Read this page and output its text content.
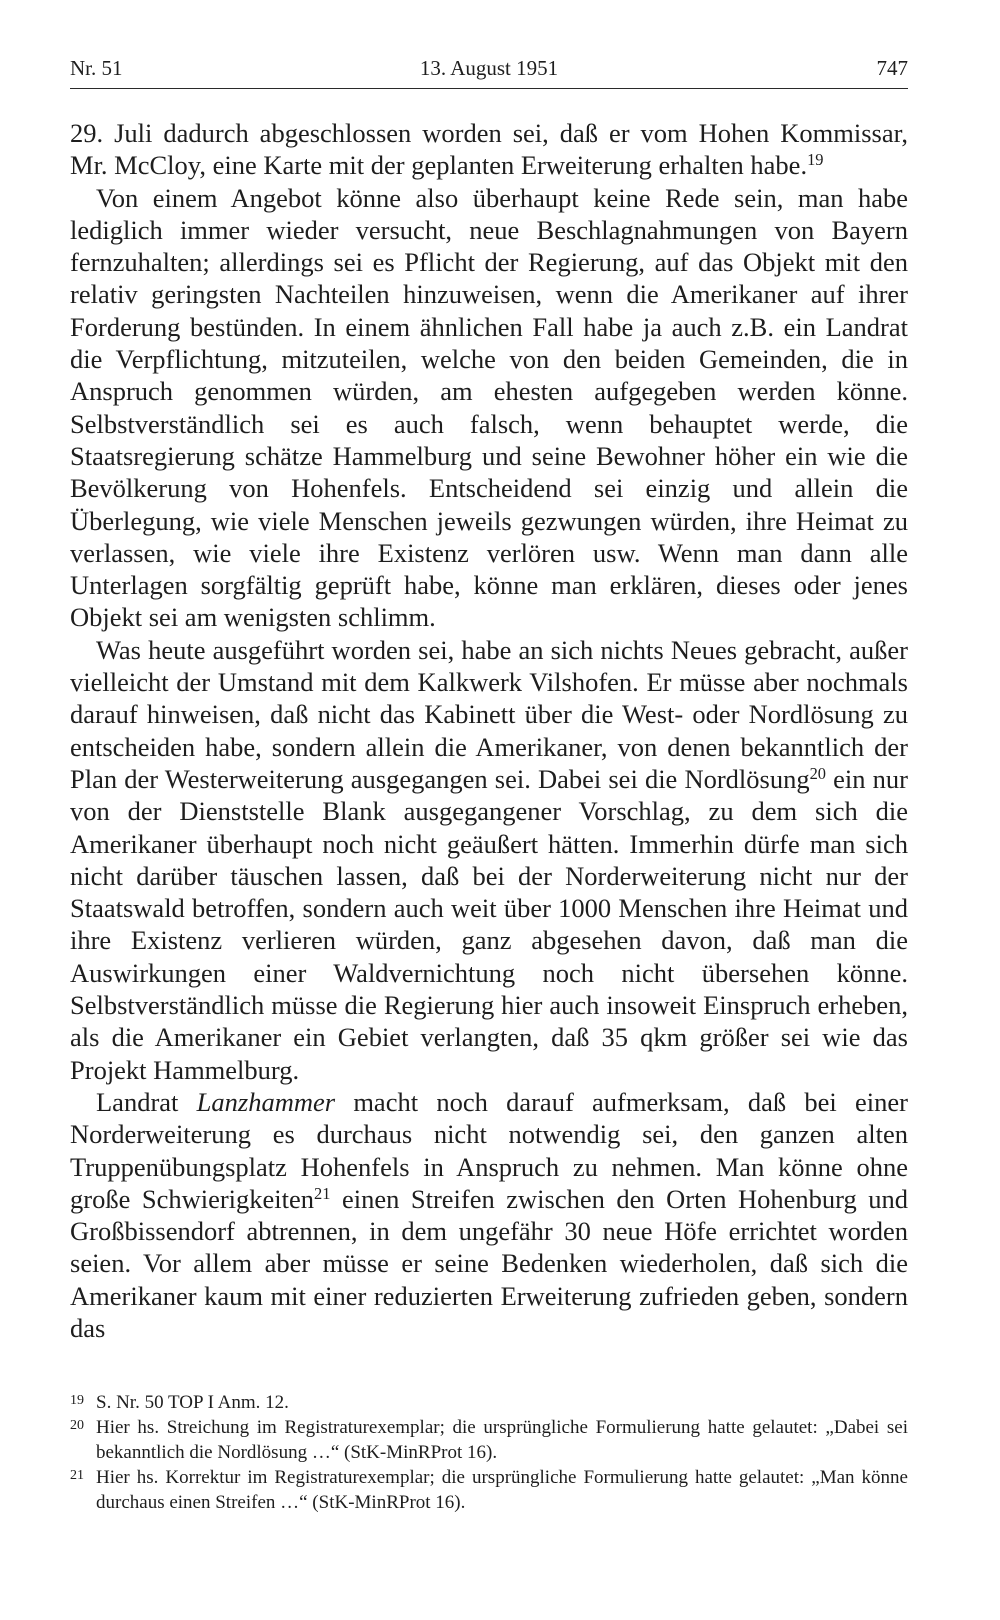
Nr. 51	13. August 1951	747

29. Juli dadurch abgeschlossen worden sei, daß er vom Hohen Kommissar, Mr. McCloy, eine Karte mit der geplanten Erweiterung erhalten habe.$^{19}$

Von einem Angebot könne also überhaupt keine Rede sein, man habe lediglich immer wieder versucht, neue Beschlagnahmungen von Bayern fernzuhalten; allerdings sei es Pflicht der Regierung, auf das Objekt mit den relativ geringsten Nachteilen hinzuweisen, wenn die Amerikaner auf ihrer Forderung bestünden. In einem ähnlichen Fall habe ja auch z.B. ein Landrat die Verpflichtung, mitzuteilen, welche von den beiden Gemeinden, die in Anspruch genommen würden, am ehesten aufgegeben werden könne. Selbstverständlich sei es auch falsch, wenn behauptet werde, die Staatsregierung schätze Hammelburg und seine Bewohner höher ein wie die Bevölkerung von Hohenfels. Entscheidend sei einzig und allein die Überlegung, wie viele Menschen jeweils gezwungen würden, ihre Heimat zu verlassen, wie viele ihre Existenz verlören usw. Wenn man dann alle Unterlagen sorgfältig geprüft habe, könne man erklären, dieses oder jenes Objekt sei am wenigsten schlimm.

Was heute ausgeführt worden sei, habe an sich nichts Neues gebracht, außer vielleicht der Umstand mit dem Kalkwerk Vilshofen. Er müsse aber nochmals darauf hinweisen, daß nicht das Kabinett über die West- oder Nordlösung zu entscheiden habe, sondern allein die Amerikaner, von denen bekanntlich der Plan der Westerweiterung ausgegangen sei. Dabei sei die Nordlösung$^{20}$ ein nur von der Dienststelle Blank ausgegangener Vorschlag, zu dem sich die Amerikaner überhaupt noch nicht geäußert hätten. Immerhin dürfe man sich nicht darüber täuschen lassen, daß bei der Norderweiterung nicht nur der Staatswald betroffen, sondern auch weit über 1000 Menschen ihre Heimat und ihre Existenz verlieren würden, ganz abgesehen davon, daß man die Auswirkungen einer Waldvernichtung noch nicht übersehen könne. Selbstverständlich müsse die Regierung hier auch insoweit Einspruch erheben, als die Amerikaner ein Gebiet verlangten, daß 35 qkm größer sei wie das Projekt Hammelburg.

Landrat Lanzhammer macht noch darauf aufmerksam, daß bei einer Norderweiterung es durchaus nicht notwendig sei, den ganzen alten Truppenübungsplatz Hohenfels in Anspruch zu nehmen. Man könne ohne große Schwierigkeiten$^{21}$ einen Streifen zwischen den Orten Hohenburg und Großbissendorf abtrennen, in dem ungefähr 30 neue Höfe errichtet worden seien. Vor allem aber müsse er seine Bedenken wiederholen, daß sich die Amerikaner kaum mit einer reduzierten Erweiterung zufrieden geben, sondern das

19 S. Nr. 50 TOP I Anm. 12.
20 Hier hs. Streichung im Registraturexemplar; die ursprüngliche Formulierung hatte gelautet: „Dabei sei bekanntlich die Nordlösung …“ (StK-MinRProt 16).
21 Hier hs. Korrektur im Registraturexemplar; die ursprüngliche Formulierung hatte gelautet: „Man könne durchaus einen Streifen …“ (StK-MinRProt 16).
